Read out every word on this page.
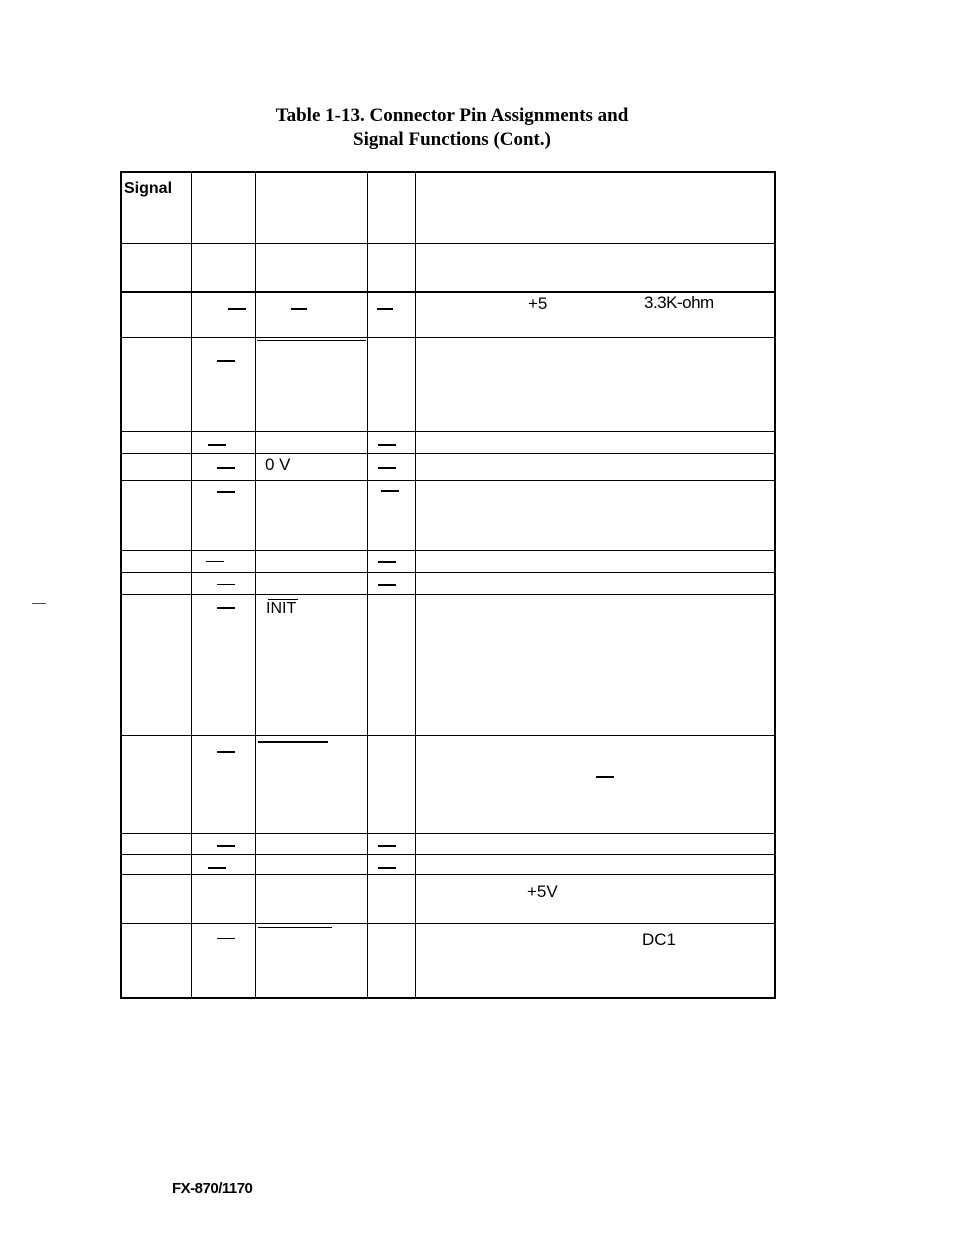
Table 1-13. Connector Pin Assignments and
Signal Functions (Cont.)
Signal
+5	3.3K-ohm
0 V
INIT
+5V
DC1
FX-870/1170
